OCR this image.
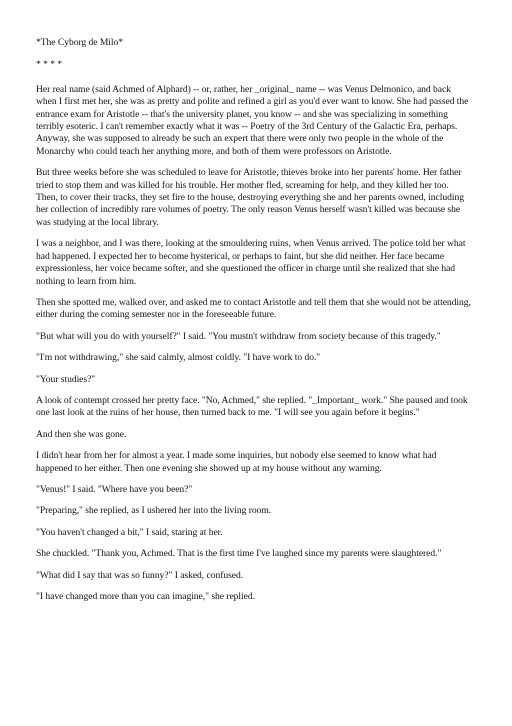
*The Cyborg de Milo*

* * * *

Her real name (said Achmed of Alphard) -- or, rather, her _original_ name -- was Venus Delmonico, and back when I first met her, she was as pretty and polite and refined a girl as you'd ever want to know. She had passed the entrance exam for Aristotle -- that's the university planet, you know -- and she was specializing in something terribly esoteric. I can't remember exactly what it was -- Poetry of the 3rd Century of the Galactic Era, perhaps. Anyway, she was supposed to already be such an expert that there were only two people in the whole of the Monarchy who could teach her anything more, and both of them were professors on Aristotle.

But three weeks before she was scheduled to leave for Aristotle, thieves broke into her parents' home. Her father tried to stop them and was killed for his trouble. Her mother fled, screaming for help, and they killed her too. Then, to cover their tracks, they set fire to the house, destroying everything she and her parents owned, including her collection of incredibly rare volumes of poetry. The only reason Venus herself wasn't killed was because she was studying at the local library.

I was a neighbor, and I was there, looking at the smouldering ruins, when Venus arrived. The police told her what had happened. I expected her to become hysterical, or perhaps to faint, but she did neither. Her face became expressionless, her voice became softer, and she questioned the officer in charge until she realized that she had nothing to learn from him.

Then she spotted me, walked over, and asked me to contact Aristotle and tell them that she would not be attending, either during the coming semester nor in the foreseeable future.

"But what will you do with yourself?" I said. "You mustn't withdraw from society because of this tragedy."

"I'm not withdrawing," she said calmly, almost coldly. "I have work to do."

"Your studies?"

A look of contempt crossed her pretty face. "No, Achmed," she replied. "_Important_ work." She paused and took one last look at the ruins of her house, then turned back to me. "I will see you again before it begins."

And then she was gone.

I didn't hear from her for almost a year. I made some inquiries, but nobody else seemed to know what had happened to her either. Then one evening she showed up at my house without any warning.

"Venus!" I said. "Where have you been?"

"Preparing," she replied, as I ushered her into the living room.

"You haven't changed a bit," I said, staring at her.

She chuckled. "Thank you, Achmed. That is the first time I've laughed since my parents were slaughtered."

"What did I say that was so funny?" I asked, confused.

"I have changed more than you can imagine," she replied.
